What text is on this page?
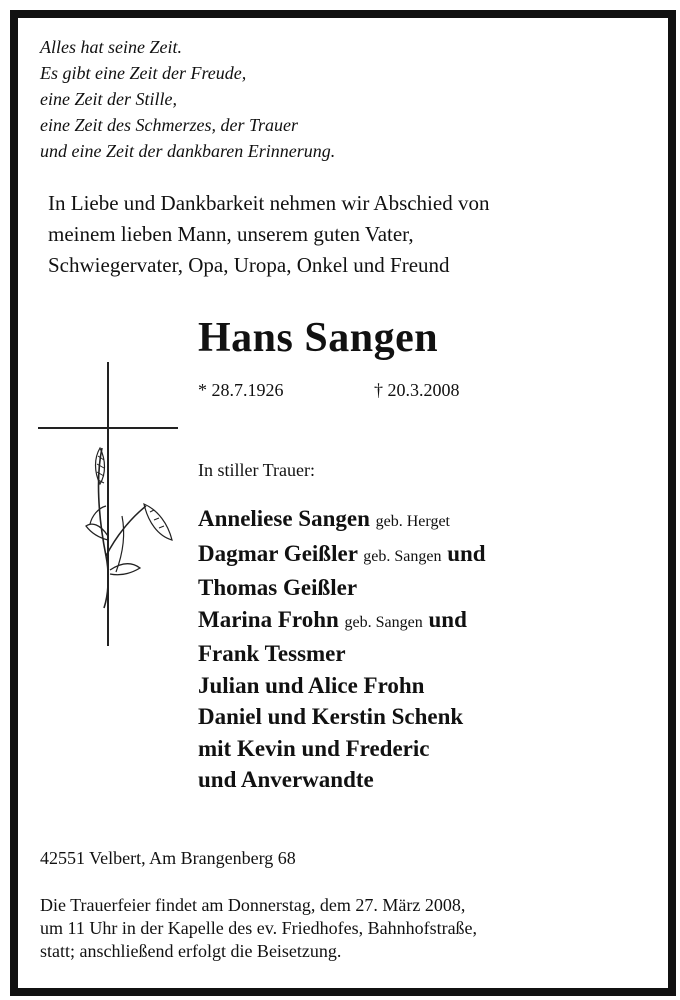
Alles hat seine Zeit.
Es gibt eine Zeit der Freude,
eine Zeit der Stille,
eine Zeit des Schmerzes, der Trauer
und eine Zeit der dankbaren Erinnerung.
In Liebe und Dankbarkeit nehmen wir Abschied von
meinem lieben Mann, unserem guten Vater,
Schwiegervater, Opa, Uropa, Onkel und Freund
Hans Sangen
* 28.7.1926	† 20.3.2008
In stiller Trauer:
Anneliese Sangen geb. Herget
Dagmar Geißler geb. Sangen und
Thomas Geißler
Marina Frohn geb. Sangen und
Frank Tessmer
Julian und Alice Frohn
Daniel und Kerstin Schenk
mit Kevin und Frederic
und Anverwandte
42551 Velbert, Am Brangenberg 68
Die Trauerfeier findet am Donnerstag, dem 27. März 2008,
um 11 Uhr in der Kapelle des ev. Friedhofes, Bahnhofstraße,
statt; anschließend erfolgt die Beisetzung.
